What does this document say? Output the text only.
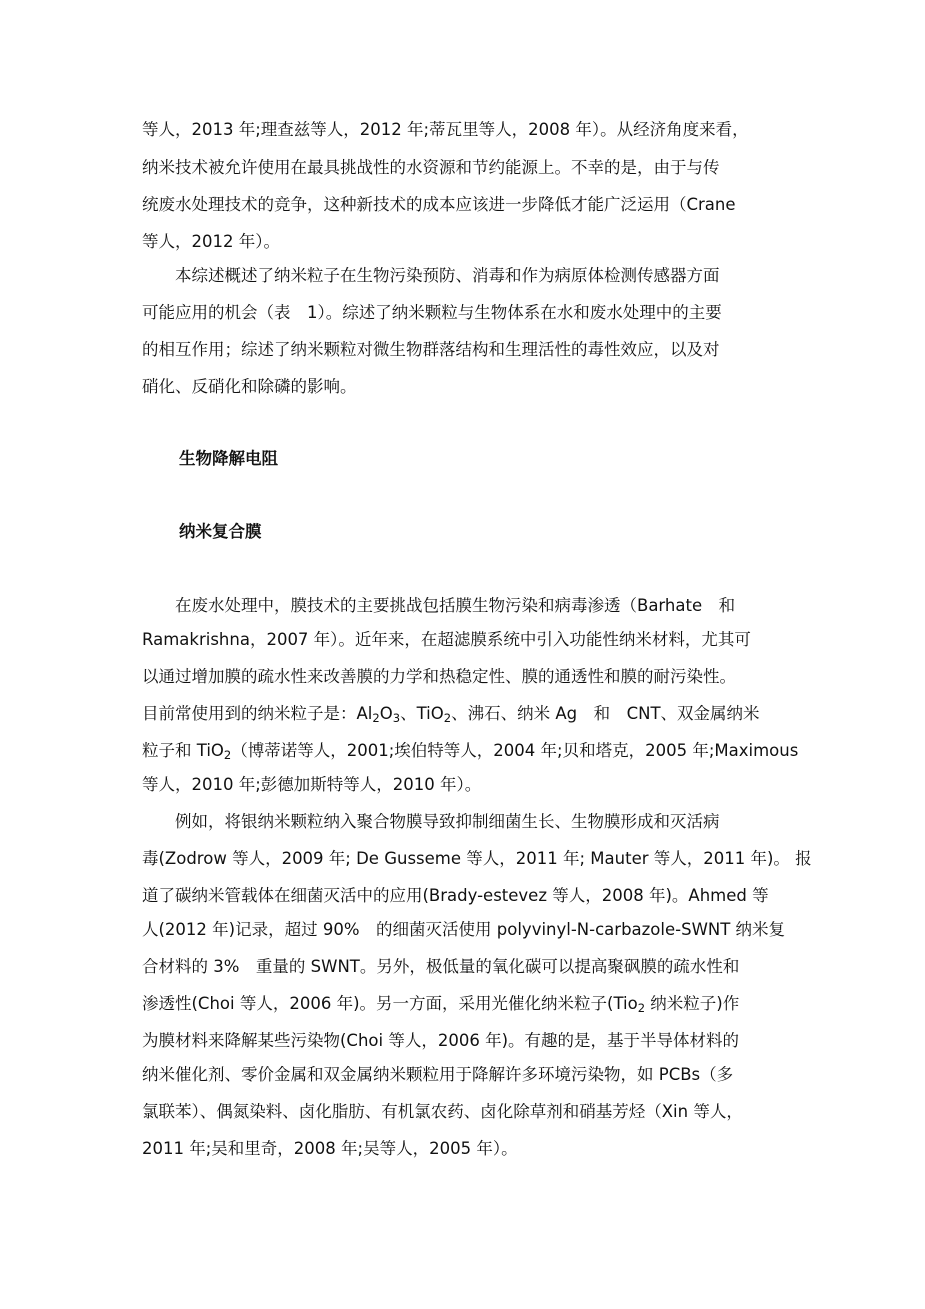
等人，2013 年;理查兹等人，2012 年;蒂瓦里等人，2008 年）。从经济角度来看，
纳米技术被允许使用在最具挑战性的水资源和节约能源上。不幸的是，由于与传
统废水处理技术的竞争，这种新技术的成本应该进一步降低才能广泛运用（Crane
等人，2012 年）。
　　本综述概述了纳米粒子在生物污染预防、消毒和作为病原体检测传感器方面
可能应用的机会（表　1）。综述了纳米颗粒与生物体系在水和废水处理中的主要
的相互作用；综述了纳米颗粒对微生物群落结构和生理活性的毒性效应，以及对
硝化、反硝化和除磷的影响。
生物降解电阻
纳米复合膜
　　在废水处理中，膜技术的主要挑战包括膜生物污染和病毒渗透（Barhate　和
Ramakrishna，2007 年）。近年来，在超滤膜系统中引入功能性纳米材料，尤其可
以通过增加膜的疏水性来改善膜的力学和热稳定性、膜的通透性和膜的耐污染性。
目前常使用到的纳米粒子是：$Al_2O_3$、TiO$_2$、沸石、纳米 Ag　和　CNT、双金属纳米
粒子和 TiO$_2$（博蒂诺等人，2001;埃伯特等人，2004 年;贝和塔克，2005 年;Maximous
等人，2010 年;彭德加斯特等人，2010 年）。
　　例如，将银纳米颗粒纳入聚合物膜导致抑制细菌生长、生物膜形成和灭活病
毒(Zodrow 等人，2009 年; De Gusseme 等人，2011 年; Mauter 等人，2011 年)。 报
道了碳纳米管载体在细菌灭活中的应用(Brady-estevez 等人，2008 年)。Ahmed 等
人(2012 年)记录，超过 90%　的细菌灭活使用 polyvinyl-N-carbazole-SWNT 纳米复
合材料的 3%　重量的 SWNT。另外，极低量的氧化碳可以提高聚砜膜的疏水性和
渗透性(Choi 等人，2006 年)。另一方面，采用光催化纳米粒子(Tio$_2$ 纳米粒子)作
为膜材料来降解某些污染物(Choi 等人，2006 年)。有趣的是，基于半导体材料的
纳米催化剂、零价金属和双金属纳米颗粒用于降解许多环境污染物，如 PCBs（多
氯联苯）、偶氮染料、卤化脂肪、有机氯农药、卤化除草剂和硝基芳烃（Xin 等人，
2011 年;吴和里奇，2008 年;吴等人，2005 年）。
